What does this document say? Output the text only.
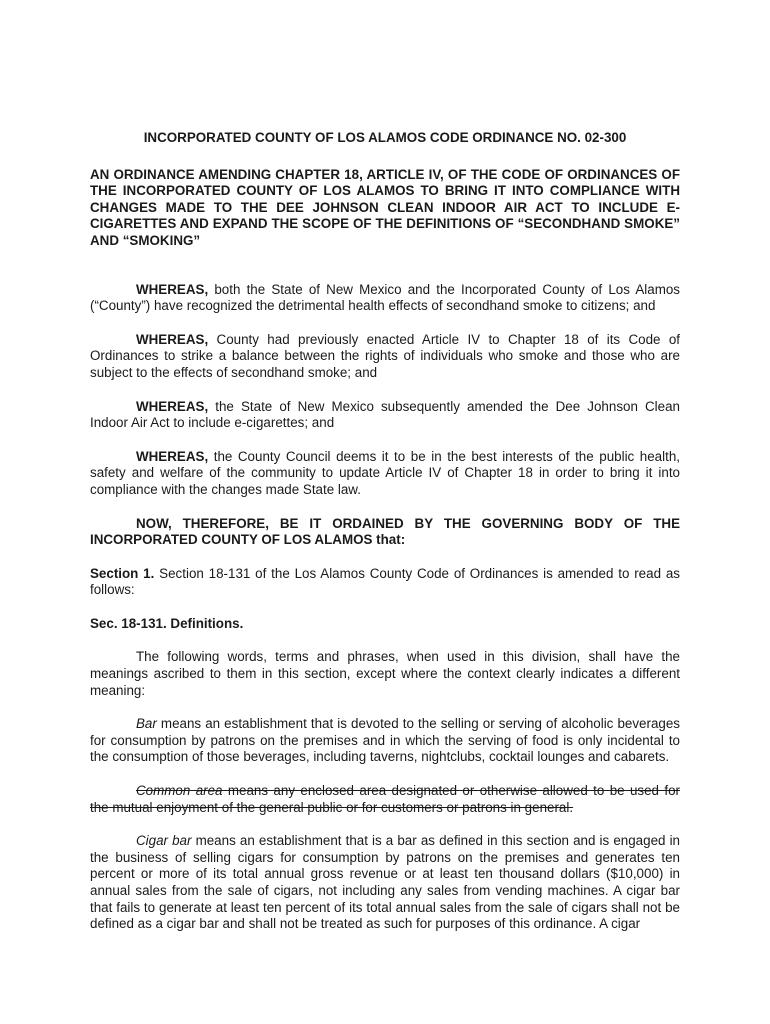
INCORPORATED COUNTY OF LOS ALAMOS CODE ORDINANCE NO. 02-300
AN ORDINANCE AMENDING CHAPTER 18, ARTICLE IV, OF THE CODE OF ORDINANCES OF THE INCORPORATED COUNTY OF LOS ALAMOS TO BRING IT INTO COMPLIANCE WITH CHANGES MADE TO THE DEE JOHNSON CLEAN INDOOR AIR ACT TO INCLUDE E-CIGARETTES AND EXPAND THE SCOPE OF THE DEFINITIONS OF “SECONDHAND SMOKE” AND “SMOKING”

WHEREAS, both the State of New Mexico and the Incorporated County of Los Alamos (“County”) have recognized the detrimental health effects of secondhand smoke to citizens; and

WHEREAS, County had previously enacted Article IV to Chapter 18 of its Code of Ordinances to strike a balance between the rights of individuals who smoke and those who are subject to the effects of secondhand smoke; and

WHEREAS, the State of New Mexico subsequently amended the Dee Johnson Clean Indoor Air Act to include e-cigarettes; and

WHEREAS, the County Council deems it to be in the best interests of the public health, safety and welfare of the community to update Article IV of Chapter 18 in order to bring it into compliance with the changes made State law.

NOW, THEREFORE, BE IT ORDAINED BY THE GOVERNING BODY OF THE INCORPORATED COUNTY OF LOS ALAMOS that:

Section 1. Section 18-131 of the Los Alamos County Code of Ordinances is amended to read as follows:

Sec. 18-131. Definitions.

The following words, terms and phrases, when used in this division, shall have the meanings ascribed to them in this section, except where the context clearly indicates a different meaning:

Bar means an establishment that is devoted to the selling or serving of alcoholic beverages for consumption by patrons on the premises and in which the serving of food is only incidental to the consumption of those beverages, including taverns, nightclubs, cocktail lounges and cabarets.

Common area means any enclosed area designated or otherwise allowed to be used for the mutual enjoyment of the general public or for customers or patrons in general.

Cigar bar means an establishment that is a bar as defined in this section and is engaged in the business of selling cigars for consumption by patrons on the premises and generates ten percent or more of its total annual gross revenue or at least ten thousand dollars ($10,000) in annual sales from the sale of cigars, not including any sales from vending machines. A cigar bar that fails to generate at least ten percent of its total annual sales from the sale of cigars shall not be defined as a cigar bar and shall not be treated as such for purposes of this ordinance. A cigar
